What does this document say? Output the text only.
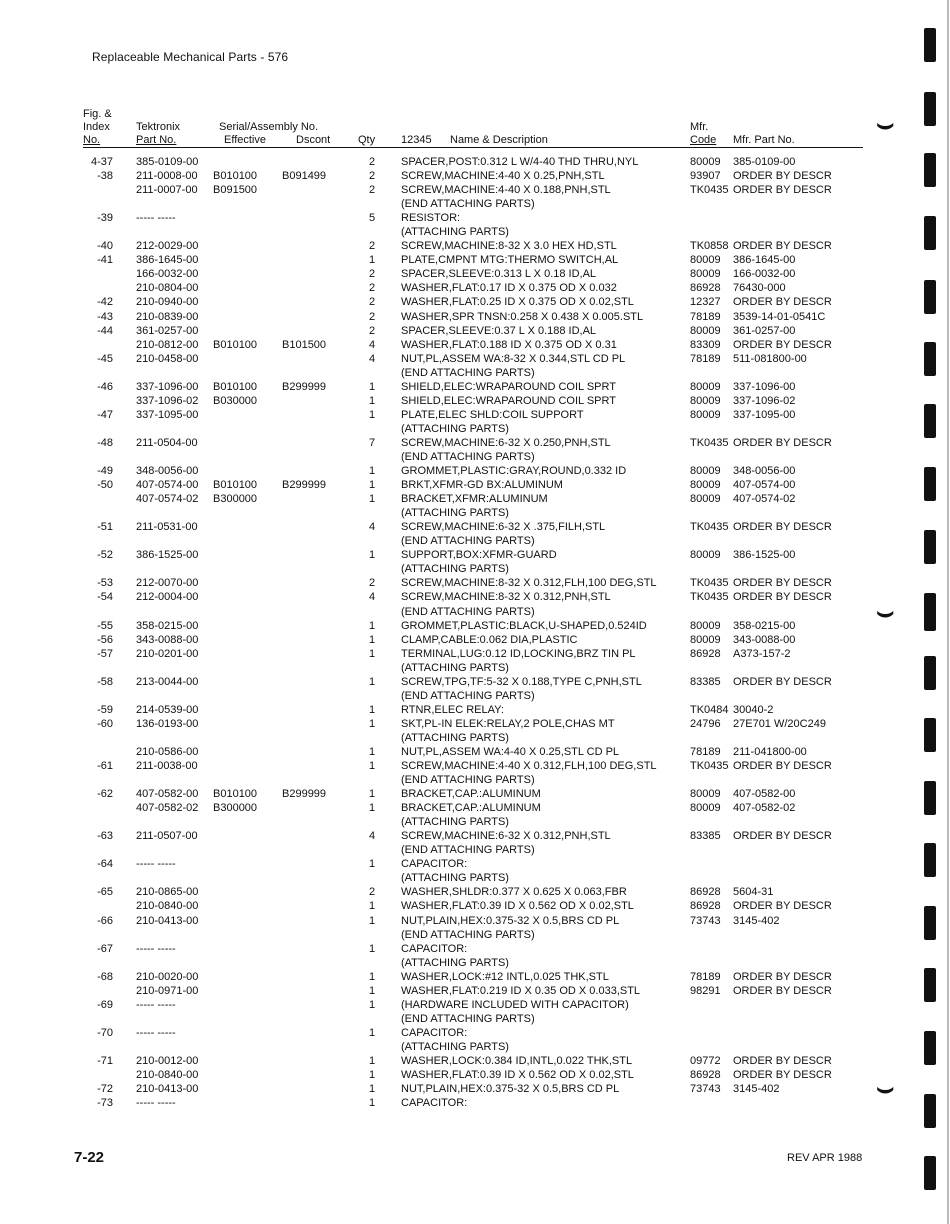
Replaceable Mechanical Parts - 576
Fig. &
Index
No.
Tektronix
Part No.
Serial/Assembly No.
Effective	Dscont	Qty 12345 Name & Description
Mfr.
Code Mfr. Part No.
4-37 385-0109-00	2	SPACER,POST:0.312 L W/4-40 THD THRU,NYL	80009 385-0109-00
-38 211-0008-00 B010100 B091499	2	SCREW,MACHINE:4-40 X 0.25,PNH,STL	93907 ORDER BY DESCR
211-0007-00 B091500	2	SCREW,MACHINE:4-40 X 0.188,PNH,STL	TK0435 ORDER BY DESCR
(END ATTACHING PARTS)
-39 ----- -----	5	RESISTOR:
(ATTACHING PARTS)
-40 212-0029-00	2	SCREW,MACHINE:8-32 X 3.0 HEX HD,STL	TK0858 ORDER BY DESCR
-41 386-1645-00	1	PLATE,CMPNT MTG:THERMO SWITCH,AL	80009 386-1645-00
166-0032-00	2	SPACER,SLEEVE:0.313 L X 0.18 ID,AL	80009 166-0032-00
210-0804-00	2	WASHER,FLAT:0.17 ID X 0.375 OD X 0.032	86928 76430-000
-42 210-0940-00	2	WASHER,FLAT:0.25 ID X 0.375 OD X 0.02,STL	12327 ORDER BY DESCR
-43 210-0839-00	2	WASHER,SPR TNSN:0.258 X 0.438 X 0.005.STL	78189 3539-14-01-0541C
-44 361-0257-00	2	SPACER,SLEEVE:0.37 L X 0.188 ID,AL	80009 361-0257-00
210-0812-00 B010100 B101500	4	WASHER,FLAT:0.188 ID X 0.375 OD X 0.31	83309 ORDER BY DESCR
-45 210-0458-00	4	NUT,PL,ASSEM WA:8-32 X 0.344,STL CD PL	78189 511-081800-00
(END ATTACHING PARTS)
-46 337-1096-00 B010100 B299999	1	SHIELD,ELEC:WRAPAROUND COIL SPRT	80009 337-1096-00
337-1096-02 B030000	1	SHIELD,ELEC:WRAPAROUND COIL SPRT	80009 337-1096-02
-47 337-1095-00	1	PLATE,ELEC SHLD:COIL SUPPORT	80009 337-1095-00
(ATTACHING PARTS)
-48 211-0504-00	7	SCREW,MACHINE:6-32 X 0.250,PNH,STL	TK0435 ORDER BY DESCR
(END ATTACHING PARTS)
-49 348-0056-00	1	GROMMET,PLASTIC:GRAY,ROUND,0.332 ID	80009 348-0056-00
-50 407-0574-00 B010100 B299999	1	BRKT,XFMR-GD BX:ALUMINUM	80009 407-0574-00
407-0574-02 B300000	1	BRACKET,XFMR:ALUMINUM	80009 407-0574-02
(ATTACHING PARTS)
-51 211-0531-00	4	SCREW,MACHINE:6-32 X .375,FILH,STL	TK0435 ORDER BY DESCR
(END ATTACHING PARTS)
-52 386-1525-00	1	SUPPORT,BOX:XFMR-GUARD	80009 386-1525-00
(ATTACHING PARTS)
-53 212-0070-00	2	SCREW,MACHINE:8-32 X 0.312,FLH,100 DEG,STL	TK0435 ORDER BY DESCR
-54 212-0004-00	4	SCREW,MACHINE:8-32 X 0.312,PNH,STL	TK0435 ORDER BY DESCR
(END ATTACHING PARTS)
-55 358-0215-00	1	GROMMET,PLASTIC:BLACK,U-SHAPED,0.524ID	80009 358-0215-00
-56 343-0088-00	1	CLAMP,CABLE:0.062 DIA,PLASTIC	80009 343-0088-00
-57 210-0201-00	1	TERMINAL,LUG:0.12 ID,LOCKING,BRZ TIN PL	86928 A373-157-2
(ATTACHING PARTS)
-58 213-0044-00	1	SCREW,TPG,TF:5-32 X 0.188,TYPE C,PNH,STL	83385 ORDER BY DESCR
(END ATTACHING PARTS)
-59 214-0539-00	1	RTNR,ELEC RELAY:	TK0484 30040-2
-60 136-0193-00	1	SKT,PL-IN ELEK:RELAY,2 POLE,CHAS MT	24796 27E701 W/20C249
(ATTACHING PARTS)
210-0586-00	1	NUT,PL,ASSEM WA:4-40 X 0.25,STL CD PL	78189 211-041800-00
-61 211-0038-00	1	SCREW,MACHINE:4-40 X 0.312,FLH,100 DEG,STL	TK0435 ORDER BY DESCR
(END ATTACHING PARTS)
-62 407-0582-00 B010100 B299999	1	BRACKET,CAP.:ALUMINUM	80009 407-0582-00
407-0582-02 B300000	1	BRACKET,CAP.:ALUMINUM	80009 407-0582-02
(ATTACHING PARTS)
-63 211-0507-00	4	SCREW,MACHINE:6-32 X 0.312,PNH,STL	83385 ORDER BY DESCR
(END ATTACHING PARTS)
-64 ----- -----	1	CAPACITOR:
(ATTACHING PARTS)
-65 210-0865-00	2	WASHER,SHLDR:0.377 X 0.625 X 0.063,FBR	86928 5604-31
210-0840-00	1	WASHER,FLAT:0.39 ID X 0.562 OD X 0.02,STL	86928 ORDER BY DESCR
-66 210-0413-00	1	NUT,PLAIN,HEX:0.375-32 X 0.5,BRS CD PL	73743 3145-402
(END ATTACHING PARTS)
-67 ----- -----	1	CAPACITOR:
(ATTACHING PARTS)
-68 210-0020-00	1	WASHER,LOCK:#12 INTL,0.025 THK,STL	78189 ORDER BY DESCR
210-0971-00	1	WASHER,FLAT:0.219 ID X 0.35 OD X 0.033,STL	98291 ORDER BY DESCR
-69 ----- -----	1	(HARDWARE INCLUDED WITH CAPACITOR)
(END ATTACHING PARTS)
-70 ----- -----	1	CAPACITOR:
(ATTACHING PARTS)
-71 210-0012-00	1	WASHER,LOCK:0.384 ID,INTL,0.022 THK,STL	09772 ORDER BY DESCR
210-0840-00	1	WASHER,FLAT:0.39 ID X 0.562 OD X 0.02,STL	86928 ORDER BY DESCR
-72 210-0413-00	1	NUT,PLAIN,HEX:0.375-32 X 0.5,BRS CD PL	73743 3145-402
-73 ----- -----	1	CAPACITOR:
7-22	REV APR 1988
⌣
⌣
⌣
